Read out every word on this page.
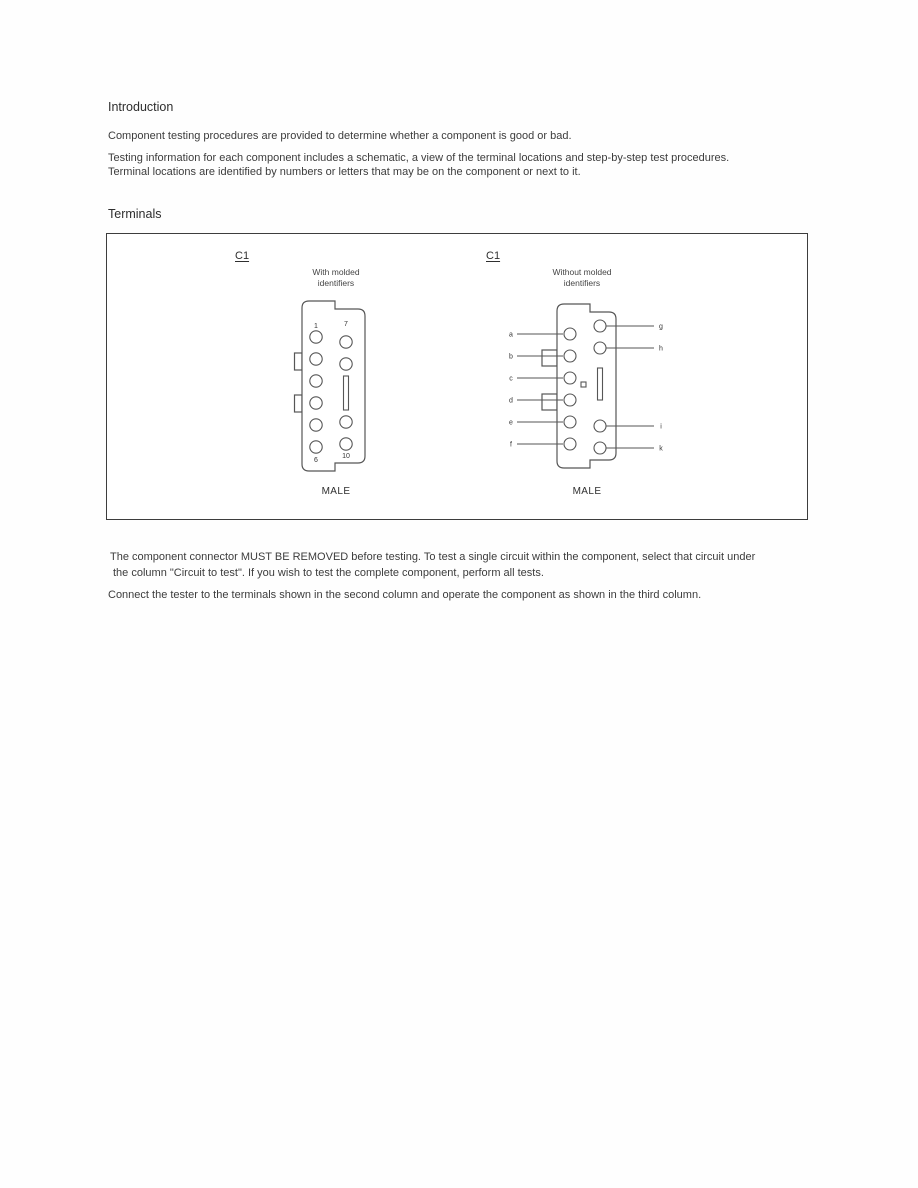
Introduction
Component testing procedures are provided to determine whether a component is good or bad.
Testing information for each component includes a schematic, a view of the terminal locations and step-by-step test procedures.
Terminal locations are identified by numbers or letters that may be on the component or next to it.
Terminals
C1
With molded
identifiers
1	7
6
10
MALE
C1
Without molded
identifiers
a
b
c
d
e
f
g
h
i
k
MALE
The component connector MUST BE REMOVED before testing. To test a single circuit within the component, select that circuit under
the column "Circuit to test". If you wish to test the complete component, perform all tests.
Connect the tester to the terminals shown in the second column and operate the component as shown in the third column.
